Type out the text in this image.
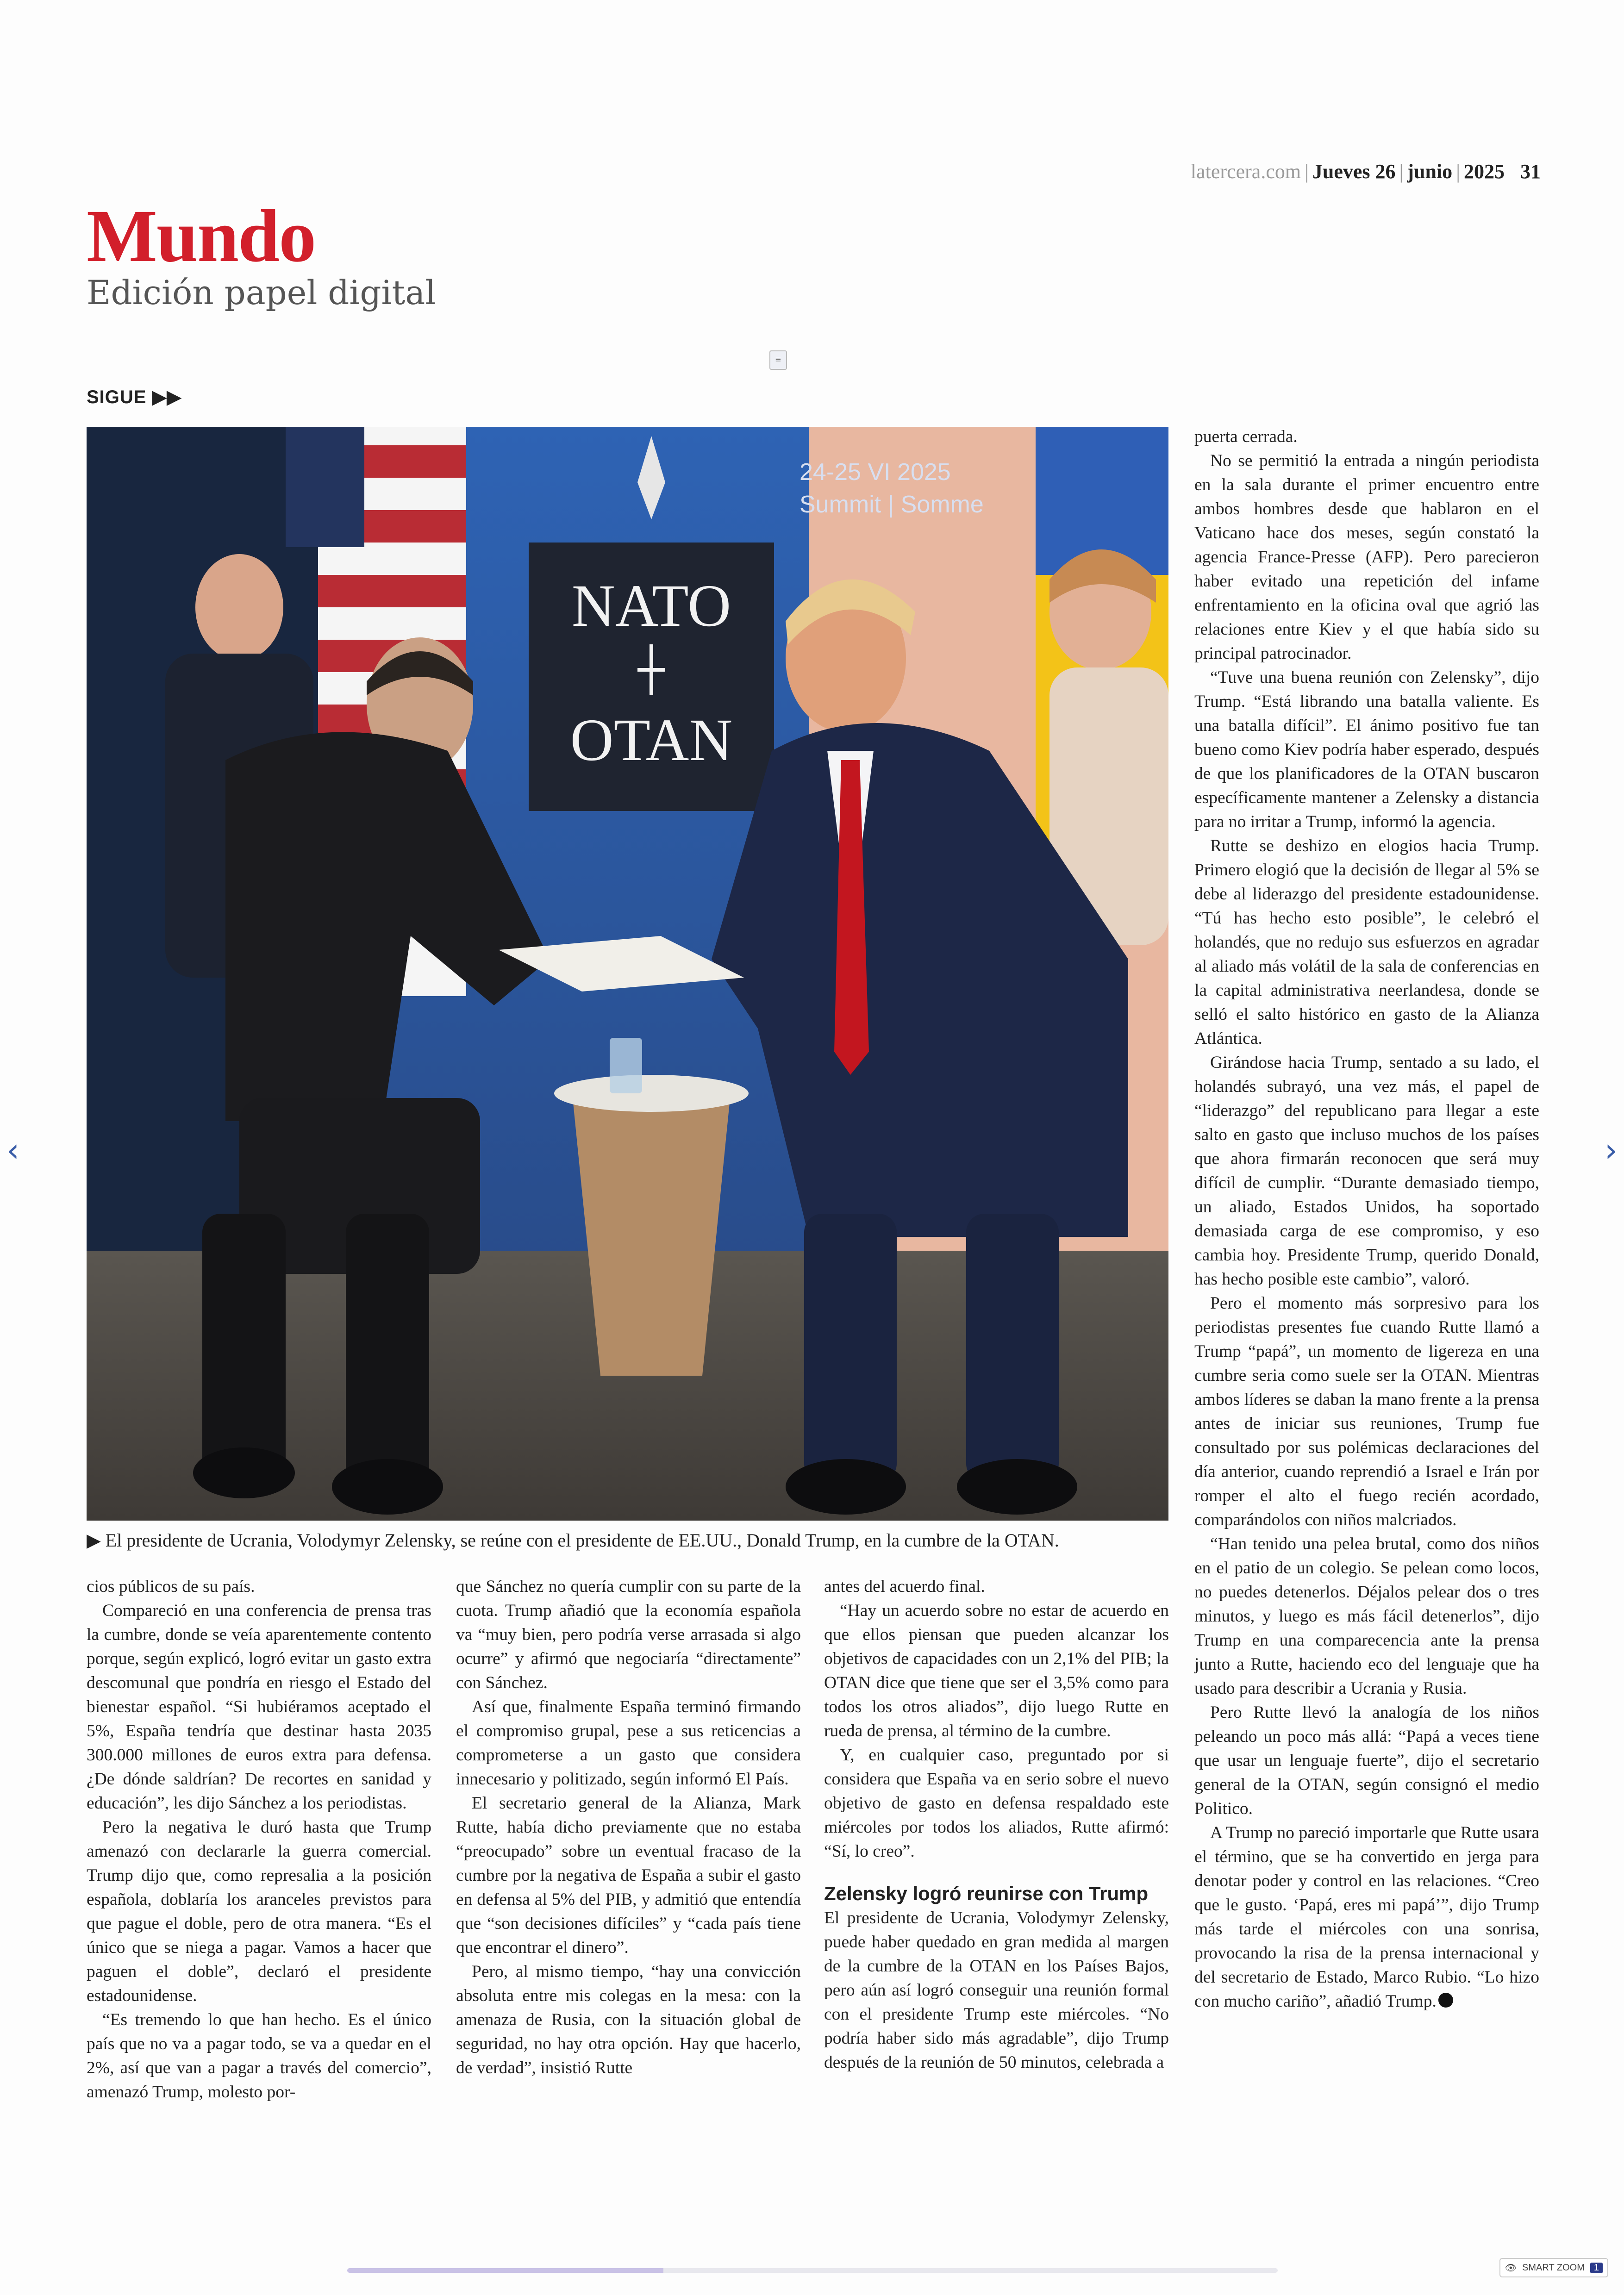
latercera.com | Jueves 26 | junio | 2025 31
Mundo
Edición papel digital
≡
SIGUE ▶▶
NATO
OTAN
24-25 VI 2025
Summit | Somme
▶ El presidente de Ucrania, Volodymyr Zelensky, se reúne con el presidente de EE.UU., Donald Trump, en la cumbre de la OTAN.

cios públicos de su país.

Compareció en una conferencia de prensa tras la cumbre, donde se veía aparentemente contento porque, según explicó, logró evitar un gasto extra descomunal que pondría en riesgo el Estado del bienestar español. “Si hubiéramos aceptado el 5%, España tendría que destinar hasta 2035 300.000 millones de euros extra para defensa. ¿De dónde saldrían? De recortes en sanidad y educación”, les dijo Sánchez a los periodistas.

Pero la negativa le duró hasta que Trump amenazó con declararle la guerra comercial. Trump dijo que, como represalia a la posición española, doblaría los aranceles previstos para que pague el doble, pero de otra manera. “Es el único que se niega a pagar. Vamos a hacer que paguen el doble”, declaró el presidente estadounidense.

“Es tremendo lo que han hecho. Es el único país que no va a pagar todo, se va a quedar en el 2%, así que van a pagar a través del comercio”, amenazó Trump, molesto por-

que Sánchez no quería cumplir con su parte de la cuota. Trump añadió que la economía española va “muy bien, pero podría verse arrasada si algo ocurre” y afirmó que negociaría “directamente” con Sánchez.

Así que, finalmente España terminó firmando el compromiso grupal, pese a sus reticencias a comprometerse a un gasto que considera innecesario y politizado, según informó El País.

El secretario general de la Alianza, Mark Rutte, había dicho previamente que no estaba “preocupado” sobre un eventual fracaso de la cumbre por la negativa de España a subir el gasto en defensa al 5% del PIB, y admitió que entendía que “son decisiones difíciles” y “cada país tiene que encontrar el dinero”.

Pero, al mismo tiempo, “hay una convicción absoluta entre mis colegas en la mesa: con la amenaza de Rusia, con la situación global de seguridad, no hay otra opción. Hay que hacerlo, de verdad”, insistió Rutte

antes del acuerdo final.

“Hay un acuerdo sobre no estar de acuerdo en que ellos piensan que pueden alcanzar los objetivos de capacidades con un 2,1% del PIB; la OTAN dice que tiene que ser el 3,5% como para todos los otros aliados”, dijo luego Rutte en rueda de prensa, al término de la cumbre.

Y, en cualquier caso, preguntado por si considera que España va en serio sobre el nuevo objetivo de gasto en defensa respaldado este miércoles por todos los aliados, Rutte afirmó: “Sí, lo creo”.

Zelensky logró reunirse con Trump

El presidente de Ucrania, Volodymyr Zelensky, puede haber quedado en gran medida al margen de la cumbre de la OTAN en los Países Bajos, pero aún así logró conseguir una reunión formal con el presidente Trump este miércoles. “No podría haber sido más agradable”, dijo Trump después de la reunión de 50 minutos, celebrada a

puerta cerrada.

No se permitió la entrada a ningún periodista en la sala durante el primer encuentro entre ambos hombres desde que hablaron en el Vaticano hace dos meses, según constató la agencia France-Presse (AFP). Pero parecieron haber evitado una repetición del infame enfrentamiento en la oficina oval que agrió las relaciones entre Kiev y el que había sido su principal patrocinador.

“Tuve una buena reunión con Zelensky”, dijo Trump. “Está librando una batalla valiente. Es una batalla difícil”. El ánimo positivo fue tan bueno como Kiev podría haber esperado, después de que los planificadores de la OTAN buscaron específicamente mantener a Zelensky a distancia para no irritar a Trump, informó la agencia.

Rutte se deshizo en elogios hacia Trump. Primero elogió que la decisión de llegar al 5% se debe al liderazgo del presidente estadounidense. “Tú has hecho esto posible”, le celebró el holandés, que no redujo sus esfuerzos en agradar al aliado más volátil de la sala de conferencias en la capital administrativa neerlandesa, donde se selló el salto histórico en gasto de la Alianza Atlántica.

Girándose hacia Trump, sentado a su lado, el holandés subrayó, una vez más, el papel de “liderazgo” del republicano para llegar a este salto en gasto que incluso muchos de los países que ahora firmarán reconocen que será muy difícil de cumplir. “Durante demasiado tiempo, un aliado, Estados Unidos, ha soportado demasiada carga de ese compromiso, y eso cambia hoy. Presidente Trump, querido Donald, has hecho posible este cambio”, valoró.

Pero el momento más sorpresivo para los periodistas presentes fue cuando Rutte llamó a Trump “papá”, un momento de ligereza en una cumbre seria como suele ser la OTAN. Mientras ambos líderes se daban la mano frente a la prensa antes de iniciar sus reuniones, Trump fue consultado por sus polémicas declaraciones del día anterior, cuando reprendió a Israel e Irán por romper el alto el fuego recién acordado, comparándolos con niños malcriados.

“Han tenido una pelea brutal, como dos niños en el patio de un colegio. Se pelean como locos, no puedes detenerlos. Déjalos pelear dos o tres minutos, y luego es más fácil detenerlos”, dijo Trump en una comparecencia ante la prensa junto a Rutte, haciendo eco del lenguaje que ha usado para describir a Ucrania y Rusia.

Pero Rutte llevó la analogía de los niños peleando un poco más allá: “Papá a veces tiene que usar un lenguaje fuerte”, dijo el secretario general de la OTAN, según consignó el medio Politico.

A Trump no pareció importarle que Rutte usara el término, que se ha convertido en jerga para denotar poder y control en las relaciones. “Creo que le gusto. ‘Papá, eres mi papá’”, dijo Trump más tarde el miércoles con una sonrisa, provocando la risa de la prensa internacional y del secretario de Estado, Marco Rubio. “Lo hizo con mucho cariño”, añadió Trump.

‹	›
👁 SMART ZOOM	1
